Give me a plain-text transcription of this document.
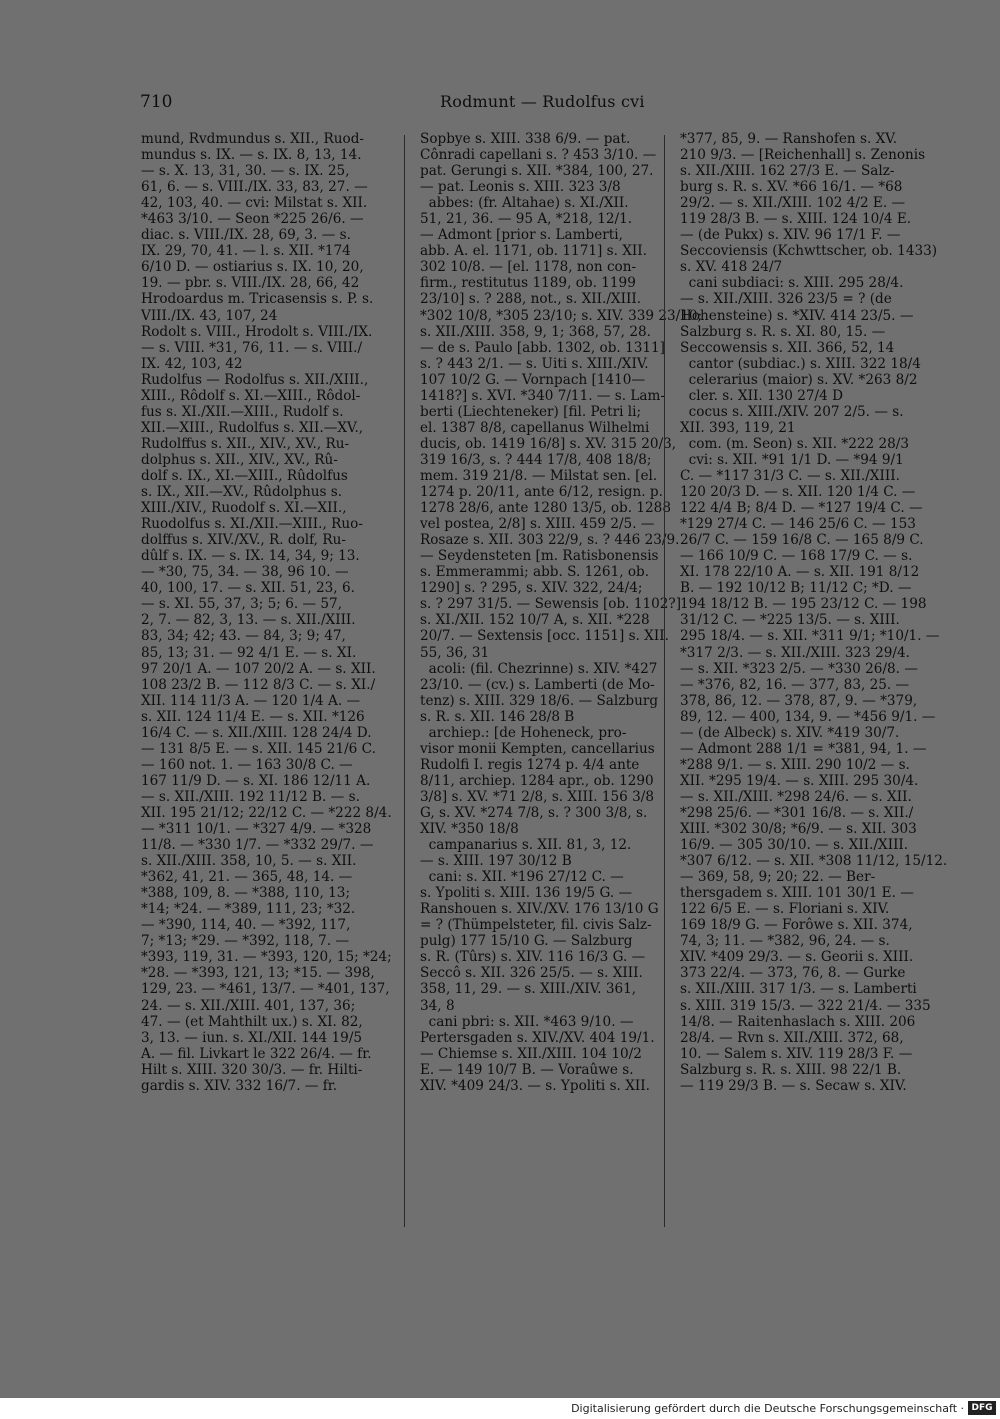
710	Rodmunt — Rudolfus cvi
mund, Rvdmundus s. XII., Ruod-
mundus s. IX. — s. IX. 8, 13, 14.
— s. X. 13, 31, 30. — s. IX. 25,
61, 6. — s. VIII./IX. 33, 83, 27. —
42, 103, 40. — cvi: Milstat s. XII.
*463 3/10. — Seon *225 26/6. —
diac. s. VIII./IX. 28, 69, 3. — s.
IX. 29, 70, 41. — l. s. XII. *174
6/10 D. — ostiarius s. IX. 10, 20,
19. — pbr. s. VIII./IX. 28, 66, 42
Hrodoardus m. Tricasensis s. P. s.
VIII./IX. 43, 107, 24
Rodolt s. VIII., Hrodolt s. VIII./IX.
— s. VIII. *31, 76, 11. — s. VIII./
IX. 42, 103, 42
Rudolfus — Rodolfus s. XII./XIII.,
XIII., Rôdolf s. XI.—XIII., Rôdol-
fus s. XI./XII.—XIII., Rudolf s.
XII.—XIII., Rudolfus s. XII.—XV.,
Rudolffus s. XII., XIV., XV., Ru-
dolphus s. XII., XIV., XV., Rû-
dolf s. IX., XI.—XIII., Rûdolfus
s. IX., XII.—XV., Rûdolphus s.
XIII./XIV., Ruodolf s. XI.—XII.,
Ruodolfus s. XI./XII.—XIII., Ruo-
dolffus s. XIV./XV., R. dolf, Ru-
dûlf s. IX. — s. IX. 14, 34, 9; 13.
— *30, 75, 34. — 38, 96 10. —
40, 100, 17. — s. XII. 51, 23, 6.
— s. XI. 55, 37, 3; 5; 6. — 57,
2, 7. — 82, 3, 13. — s. XII./XIII.
83, 34; 42; 43. — 84, 3; 9; 47,
85, 13; 31. — 92 4/1 E. — s. XI.
97 20/1 A. — 107 20/2 A. — s. XII.
108 23/2 B. — 112 8/3 C. — s. XI./
XII. 114 11/3 A. — 120 1/4 A. —
s. XII. 124 11/4 E. — s. XII. *126
16/4 C. — s. XII./XIII. 128 24/4 D.
— 131 8/5 E. — s. XII. 145 21/6 C.
— 160 not. 1. — 163 30/8 C. —
167 11/9 D. — s. XI. 186 12/11 A.
— s. XII./XIII. 192 11/12 B. — s.
XII. 195 21/12; 22/12 C. — *222 8/4.
— *311 10/1. — *327 4/9. — *328
11/8. — *330 1/7. — *332 29/7. —
s. XII./XIII. 358, 10, 5. — s. XII.
*362, 41, 21. — 365, 48, 14. —
*388, 109, 8. — *388, 110, 13;
*14; *24. — *389, 111, 23; *32.
— *390, 114, 40. — *392, 117,
7; *13; *29. — *392, 118, 7. —
*393, 119, 31. — *393, 120, 15; *24;
*28. — *393, 121, 13; *15. — 398,
129, 23. — *461, 13/7. — *401, 137,
24. — s. XII./XIII. 401, 137, 36;
47. — (et Mahthilt ux.) s. XI. 82,
3, 13. — iun. s. XI./XII. 144 19/5
A. — fil. Livkart le 322 26/4. — fr.
Hilt s. XIII. 320 30/3. — fr. Hilti-
gardis s. XIV. 332 16/7. — fr.
Sopbye s. XIII. 338 6/9. — pat.
Cônradi capellani s. ? 453 3/10. —
pat. Gerungi s. XII. *384, 100, 27.
— pat. Leonis s. XIII. 323 3/8
abbes: (fr. Altahae) s. XI./XII.
51, 21, 36. — 95 A, *218, 12/1.
— Admont [prior s. Lamberti,
abb. A. el. 1171, ob. 1171] s. XII.
302 10/8. — [el. 1178, non con-
firm., restitutus 1189, ob. 1199
23/10] s. ? 288, not., s. XII./XIII.
*302 10/8, *305 23/10; s. XIV. 339 23/10;
s. XII./XIII. 358, 9, 1; 368, 57, 28.
— de s. Paulo [abb. 1302, ob. 1311]
s. ? 443 2/1. — s. Uiti s. XIII./XIV.
107 10/2 G. — Vornpach [1410—
1418?] s. XVI. *340 7/11. — s. Lam-
berti (Liechteneker) [fil. Petri li;
el. 1387 8/8, capellanus Wilhelmi
ducis, ob. 1419 16/8] s. XV. 315 20/3,
319 16/3, s. ? 444 17/8, 408 18/8;
mem. 319 21/8. — Milstat sen. [el.
1274 p. 20/11, ante 6/12, resign. p.
1278 28/6, ante 1280 13/5, ob. 1288
vel postea, 2/8] s. XIII. 459 2/5. —
Rosaze s. XII. 303 22/9, s. ? 446 23/9.
— Seydensteten [m. Ratisbonensis
s. Emmerammi; abb. S. 1261, ob.
1290] s. ? 295, s. XIV. 322, 24/4;
s. ? 297 31/5. — Sewensis [ob. 1102?]
s. XI./XII. 152 10/7 A, s. XII. *228
20/7. — Sextensis [occ. 1151] s. XII.
55, 36, 31
acoli: (fil. Chezrinne) s. XIV. *427
23/10. — (cv.) s. Lamberti (de Mo-
tenz) s. XIII. 329 18/6. — Salzburg
s. R. s. XII. 146 28/8 B
archiep.: [de Hoheneck, pro-
visor monii Kempten, cancellarius
Rudolfi I. regis 1274 p. 4/4 ante
8/11, archiep. 1284 apr., ob. 1290
3/8] s. XV. *71 2/8, s. XIII. 156 3/8
G, s. XV. *274 7/8, s. ? 300 3/8, s.
XIV. *350 18/8
campanarius s. XII. 81, 3, 12.
— s. XIII. 197 30/12 B
cani: s. XII. *196 27/12 C. —
s. Ypoliti s. XIII. 136 19/5 G. —
Ranshouen s. XIV./XV. 176 13/10 G
= ? (Thümpelsteter, fil. civis Salz-
pulg) 177 15/10 G. — Salzburg
s. R. (Tûrs) s. XIV. 116 16/3 G. —
Seccô s. XII. 326 25/5. — s. XIII.
358, 11, 29. — s. XIII./XIV. 361,
34, 8
cani pbri: s. XII. *463 9/10. —
Pertersgaden s. XIV./XV. 404 19/1.
— Chiemse s. XII./XIII. 104 10/2
E. — 149 10/7 B. — Voraûwe s.
XIV. *409 24/3. — s. Ypoliti s. XII.
*377, 85, 9. — Ranshofen s. XV.
210 9/3. — [Reichenhall] s. Zenonis
s. XII./XIII. 162 27/3 E. — Salz-
burg s. R. s. XV. *66 16/1. — *68
29/2. — s. XII./XIII. 102 4/2 E. —
119 28/3 B. — s. XIII. 124 10/4 E.
— (de Pukx) s. XIV. 96 17/1 F. —
Seccoviensis (Kchwttscher, ob. 1433)
s. XV. 418 24/7
cani subdiaci: s. XIII. 295 28/4.
— s. XII./XIII. 326 23/5 = ? (de
Hohensteine) s. *XIV. 414 23/5. —
Salzburg s. R. s. XI. 80, 15. —
Seccowensis s. XII. 366, 52, 14
cantor (subdiac.) s. XIII. 322 18/4
celerarius (maior) s. XV. *263 8/2
cler. s. XII. 130 27/4 D
cocus s. XIII./XIV. 207 2/5. — s.
XII. 393, 119, 21
com. (m. Seon) s. XII. *222 28/3
cvi: s. XII. *91 1/1 D. — *94 9/1
C. — *117 31/3 C. — s. XII./XIII.
120 20/3 D. — s. XII. 120 1/4 C. —
122 4/4 B; 8/4 D. — *127 19/4 C. —
*129 27/4 C. — 146 25/6 C. — 153
26/7 C. — 159 16/8 C. — 165 8/9 C.
— 166 10/9 C. — 168 17/9 C. — s.
XI. 178 22/10 A. — s. XII. 191 8/12
B. — 192 10/12 B; 11/12 C; *D. —
194 18/12 B. — 195 23/12 C. — 198
31/12 C. — *225 13/5. — s. XIII.
295 18/4. — s. XII. *311 9/1; *10/1. —
*317 2/3. — s. XII./XIII. 323 29/4.
— s. XII. *323 2/5. — *330 26/8. —
— *376, 82, 16. — 377, 83, 25. —
378, 86, 12. — 378, 87, 9. — *379,
89, 12. — 400, 134, 9. — *456 9/1. —
— (de Albeck) s. XIV. *419 30/7.
— Admont 288 1/1 = *381, 94, 1. —
*288 9/1. — s. XIII. 290 10/2 — s.
XII. *295 19/4. — s. XIII. 295 30/4.
— s. XII./XIII. *298 24/6. — s. XII.
*298 25/6. — *301 16/8. — s. XII./
XIII. *302 30/8; *6/9. — s. XII. 303
16/9. — 305 30/10. — s. XII./XIII.
*307 6/12. — s. XII. *308 11/12, 15/12.
— 369, 58, 9; 20; 22. — Ber-
thersgadem s. XIII. 101 30/1 E. —
122 6/5 E. — s. Floriani s. XIV.
169 18/9 G. — Forôwe s. XII. 374,
74, 3; 11. — *382, 96, 24. — s.
XIV. *409 29/3. — s. Georii s. XIII.
373 22/4. — 373, 76, 8. — Gurke
s. XII./XIII. 317 1/3. — s. Lamberti
s. XIII. 319 15/3. — 322 21/4. — 335
14/8. — Raitenhaslach s. XIII. 206
28/4. — Rvn s. XII./XIII. 372, 68,
10. — Salem s. XIV. 119 28/3 F. —
Salzburg s. R. s. XIII. 98 22/1 B.
— 119 29/3 B. — s. Secaw s. XIV.
Digitalisierung gefördert durch die Deutsche Forschungsgemeinschaft · DFG
